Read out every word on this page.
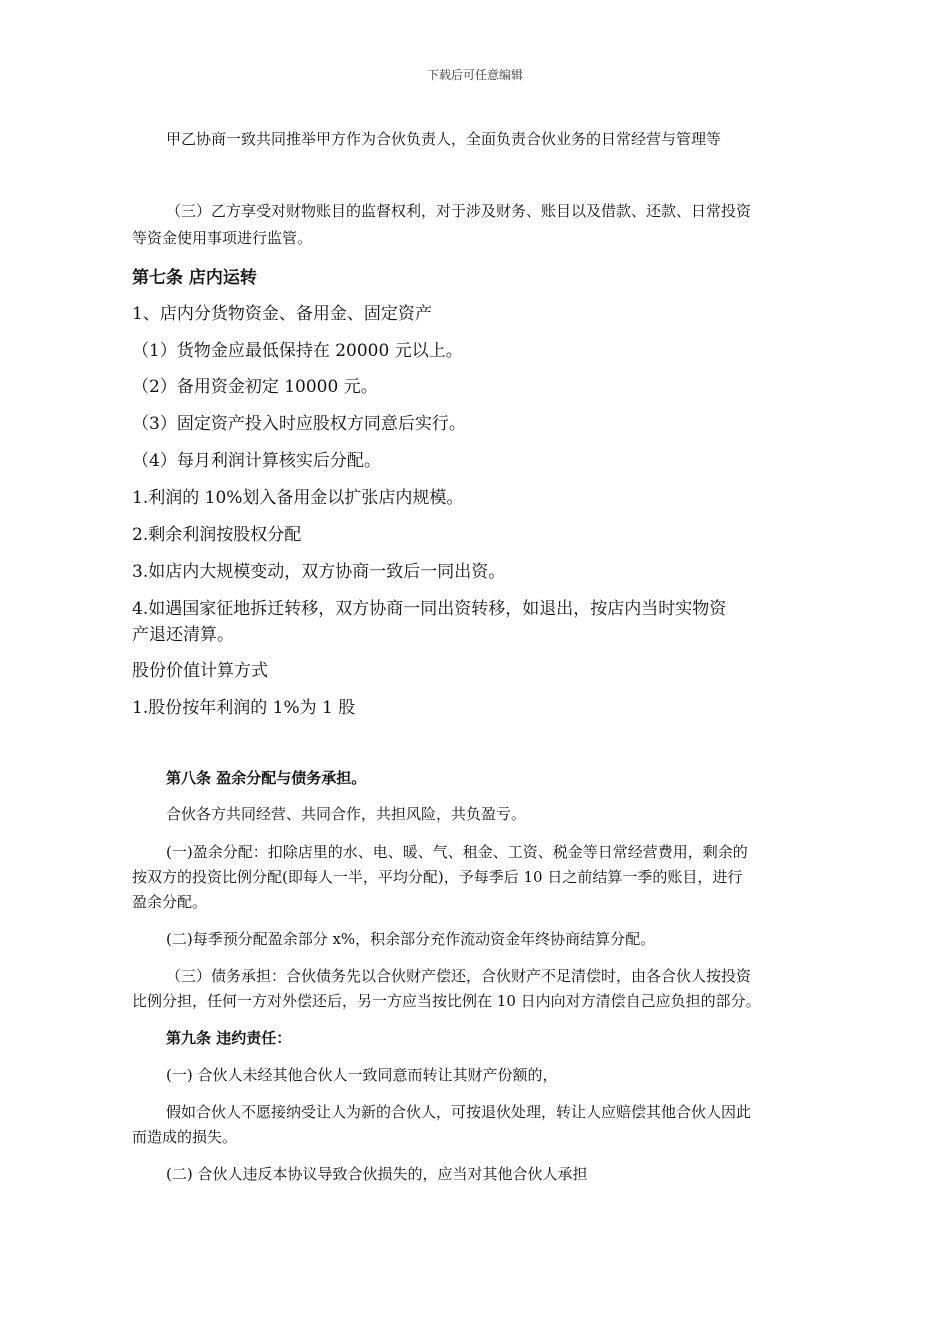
下载后可任意编辑
甲乙协商一致共同推举甲方作为合伙负责人，全面负责合伙业务的日常经营与管理等
（三）乙方享受对财物账目的监督权利，对于涉及财务、账目以及借款、还款、日常投资
等资金使用事项进行监管。
第七条 店内运转
1、店内分货物资金、备用金、固定资产
（1）货物金应最低保持在 20000 元以上。
（2）备用资金初定 10000 元。
（3）固定资产投入时应股权方同意后实行。
（4）每月利润计算核实后分配。
1.利润的 10%划入备用金以扩张店内规模。
2.剩余利润按股权分配
3.如店内大规模变动，双方协商一致后一同出资。
4.如遇国家征地拆迁转移，双方协商一同出资转移，如退出，按店内当时实物资
产退还清算。
股份价值计算方式
1.股份按年利润的 1%为 1 股
第八条 盈余分配与债务承担。
合伙各方共同经营、共同合作，共担风险，共负盈亏。
(一)盈余分配：扣除店里的水、电、暖、气、租金、工资、税金等日常经营费用，剩余的
按双方的投资比例分配(即每人一半，平均分配)，予每季后 10 日之前结算一季的账目，进行
盈余分配。
(二)每季预分配盈余部分 x%，积余部分充作流动资金年终协商结算分配。
（三）债务承担：合伙债务先以合伙财产偿还，合伙财产不足清偿时，由各合伙人按投资
比例分担，任何一方对外偿还后，另一方应当按比例在 10 日内向对方清偿自己应负担的部分。
第九条 违约责任：
(一) 合伙人未经其他合伙人一致同意而转让其财产份额的，
假如合伙人不愿接纳受让人为新的合伙人，可按退伙处理，转让人应赔偿其他合伙人因此
而造成的损失。
(二) 合伙人违反本协议导致合伙损失的，应当对其他合伙人承担
